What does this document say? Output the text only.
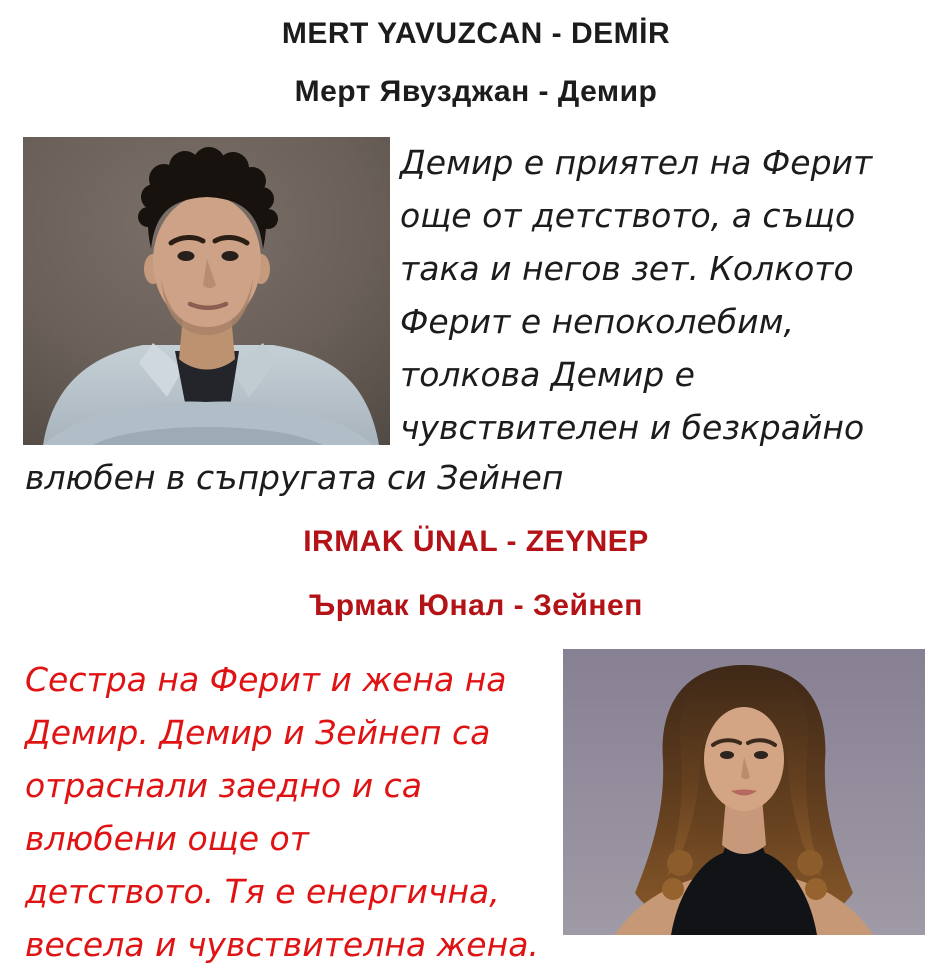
MERT YAVUZCAN - DEMİR
Мерт Явузджан - Демир
Демир е приятел на Ферит
още от детството, а също
така и негов зет. Колкото
Ферит е непоколебим,
толкова Демир е
чувствителен и безкрайно
влюбен в съпругата си Зейнеп
IRMAK ÜNAL - ZEYNEP
Ърмак Юнал - Зейнеп
Сестра на Ферит и жена на
Демир. Демир и Зейнеп са
отраснали заедно и са
влюбени още от
детството. Тя е енергична,
весела и чувствителна жена.
